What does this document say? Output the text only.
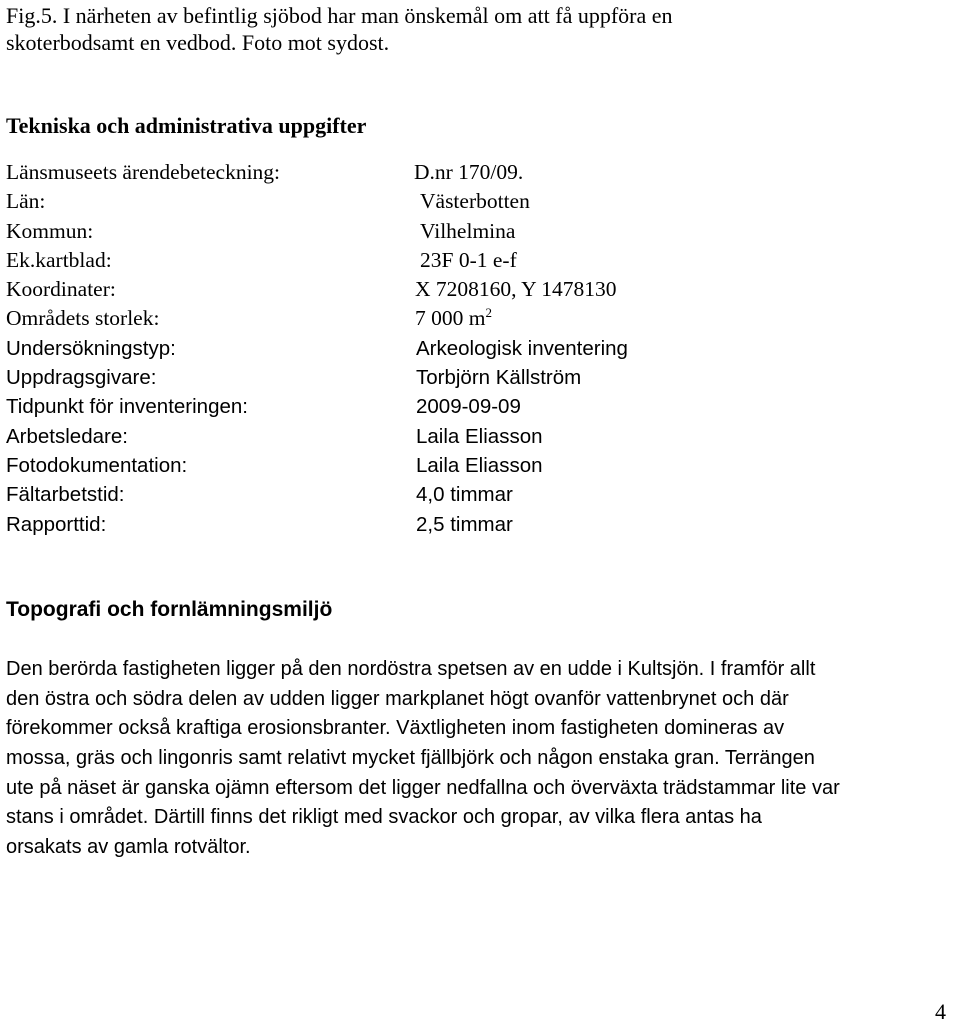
Fig.5. I närheten av befintlig sjöbod har man önskemål om att få uppföra en skoterbodsamt en vedbod. Foto mot sydost.
Tekniska och administrativa uppgifter
Länsmuseets ärendebeteckning:	D.nr 170/09.
Län:	Västerbotten
Kommun:	Vilhelmina
Ek.kartblad:	23F 0-1 e-f
Koordinater:	X 7208160, Y 1478130
Områdets storlek:	7 000 $m^2$
Undersökningstyp:	Arkeologisk inventering
Uppdragsgivare:	Torbjörn Källström
Tidpunkt för inventeringen:	2009-09-09
Arbetsledare:	Laila Eliasson
Fotodokumentation:	Laila Eliasson
Fältarbetstid:	4,0 timmar
Rapporttid:	2,5 timmar
Topografi och fornlämningsmiljö
Den berörda fastigheten ligger på den nordöstra spetsen av en udde i Kultsjön. I framför allt
den östra och södra delen av udden ligger markplanet högt ovanför vattenbrynet och där
förekommer också kraftiga erosionsbranter. Växtligheten inom fastigheten domineras av
mossa, gräs och lingonris samt relativt mycket fjällbjörk och någon enstaka gran. Terrängen
ute på näset är ganska ojämn eftersom det ligger nedfallna och överväxta trädstammar lite var
stans i området. Därtill finns det rikligt med svackor och gropar, av vilka flera antas ha
orsakats av gamla rotvältor.
4
